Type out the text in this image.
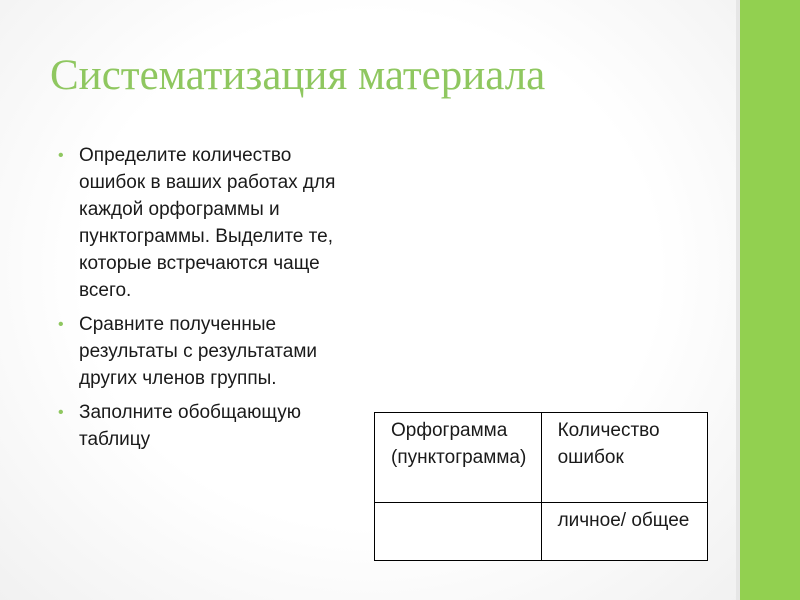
Систематизация материала
• Определите количество ошибок в ваших работах для каждой орфограммы и пунктограммы. Выделите те, которые встречаются чаще всего.
• Сравните полученные результаты с результатами других членов группы.
• Заполните обобщающую таблицу	Орфограмма (пунктограмма)	Количество ошибок
	личное/ общее
